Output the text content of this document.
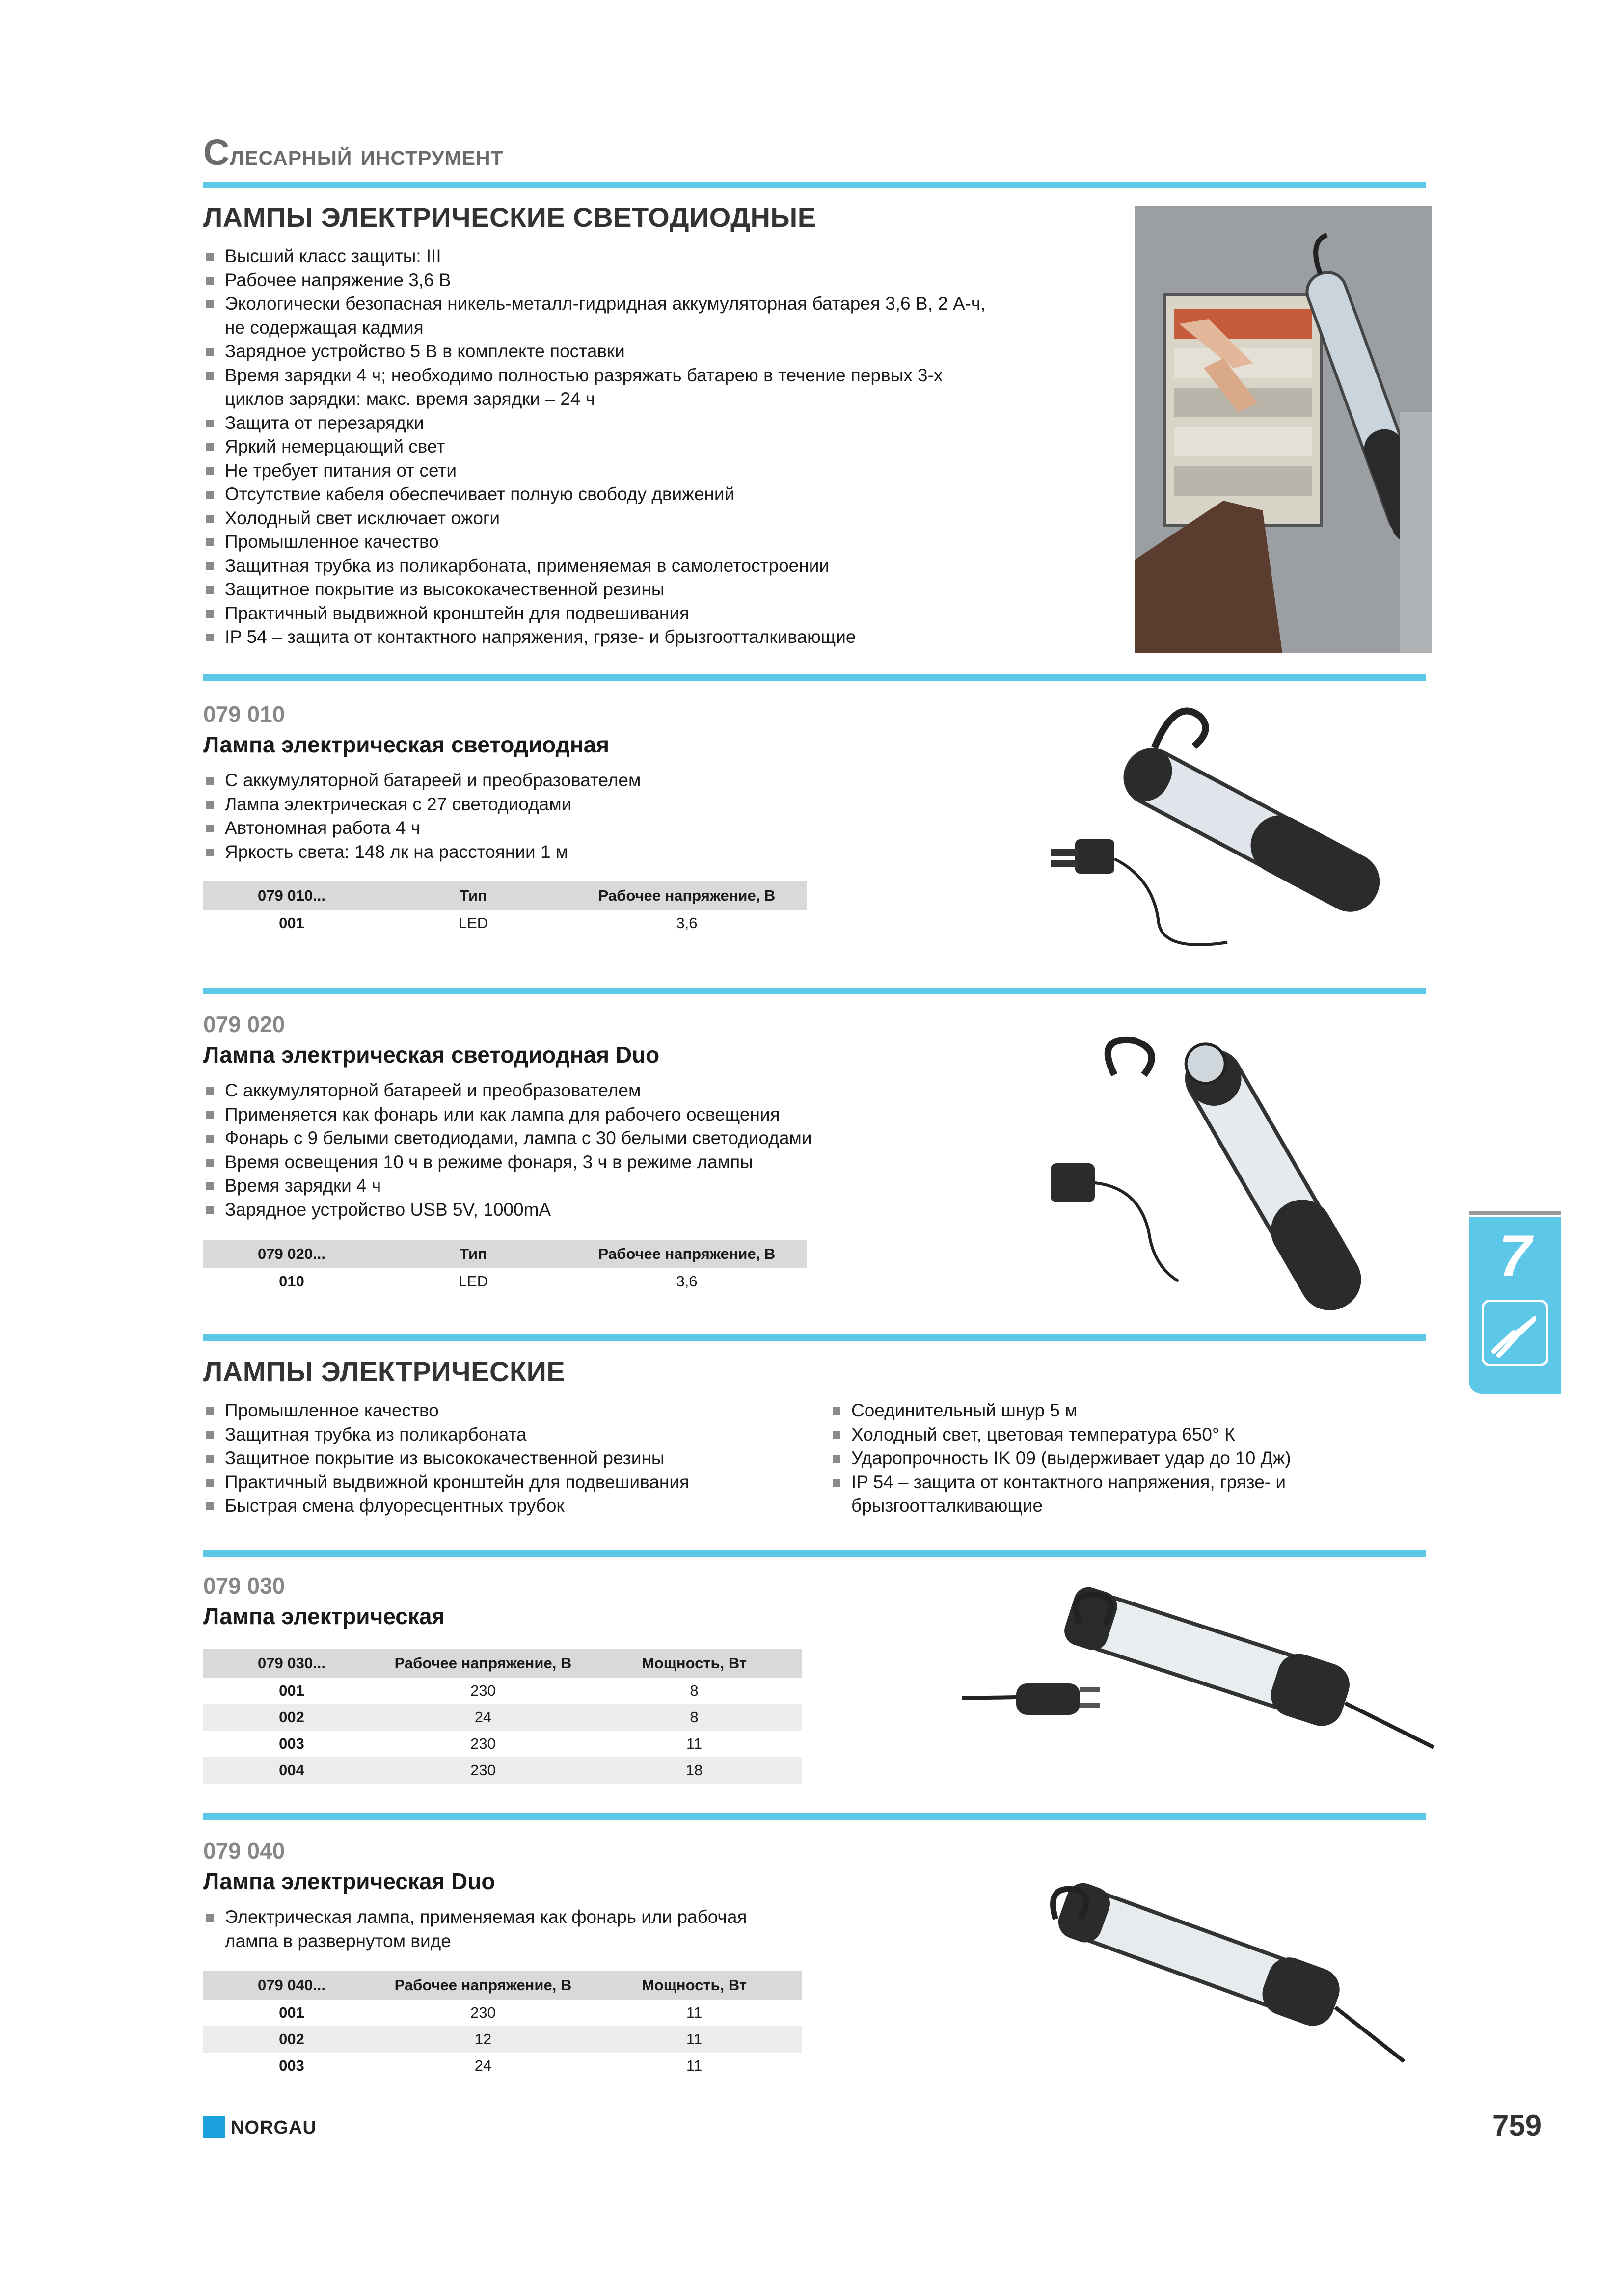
Слесарный инструмент
ЛАМПЫ ЭЛЕКТРИЧЕСКИЕ СВЕТОДИОДНЫЕ
Высший класс защиты: III
Рабочее напряжение 3,6 В
Экологически безопасная никель-металл-гидридная аккумуляторная батарея 3,6 В, 2 А-ч,
не содержащая кадмия
Зарядное устройство 5 В в комплекте поставки
Время зарядки 4 ч; необходимо полностью разряжать батарею в течение первых 3-х
циклов зарядки: макс. время зарядки – 24 ч
Защита от перезарядки
Яркий немерцающий свет
Не требует питания от сети
Отсутствие кабеля обеспечивает полную свободу движений
Холодный свет исключает ожоги
Промышленное качество
Защитная трубка из поликарбоната, применяемая в самолетостроении
Защитное покрытие из высококачественной резины
Практичный выдвижной кронштейн для подвешивания
IP 54 – защита от контактного напряжения, грязе- и брызгоотталкивающие
079 010
Лампа электрическая светодиодная
С аккумуляторной батареей и преобразователем
Лампа электрическая с 27 светодиодами
Автономная работа 4 ч
Яркость света: 148 лк на расстоянии 1 м
079 010...	Тип	Рабочее напряжение, В
001	LED	3,6
079 020
Лампа электрическая светодиодная Duo
С аккумуляторной батареей и преобразователем
Применяется как фонарь или как лампа для рабочего освещения
Фонарь с 9 белыми светодиодами, лампа с 30 белыми светодиодами
Время освещения 10 ч в режиме фонаря, 3 ч в режиме лампы
Время зарядки 4 ч
Зарядное устройство USB 5V, 1000mA
079 020...	Тип	Рабочее напряжение, В
010	LED	3,6
ЛАМПЫ ЭЛЕКТРИЧЕСКИЕ
Промышленное качество
Защитная трубка из поликарбоната
Защитное покрытие из высококачественной резины
Практичный выдвижной кронштейн для подвешивания
Быстрая смена флуоресцентных трубок
Соединительный шнур 5 м
Холодный свет, цветовая температура 650° К
Ударопрочность IK 09 (выдерживает удар до 10 Дж)
IP 54 – защита от контактного напряжения, грязе- и
брызгоотталкивающие
079 030
Лампа электрическая
079 030...	Рабочее напряжение, В	Мощность, Вт
001	230	8
002	24	8
003	230	11
004	230	18
079 040
Лампа электрическая Duo
Электрическая лампа, применяемая как фонарь или рабочая
лампа в развернутом виде
079 040...	Рабочее напряжение, В	Мощность, Вт
001	230	11
002	12	11
003	24	11
7
NORGAU	759
